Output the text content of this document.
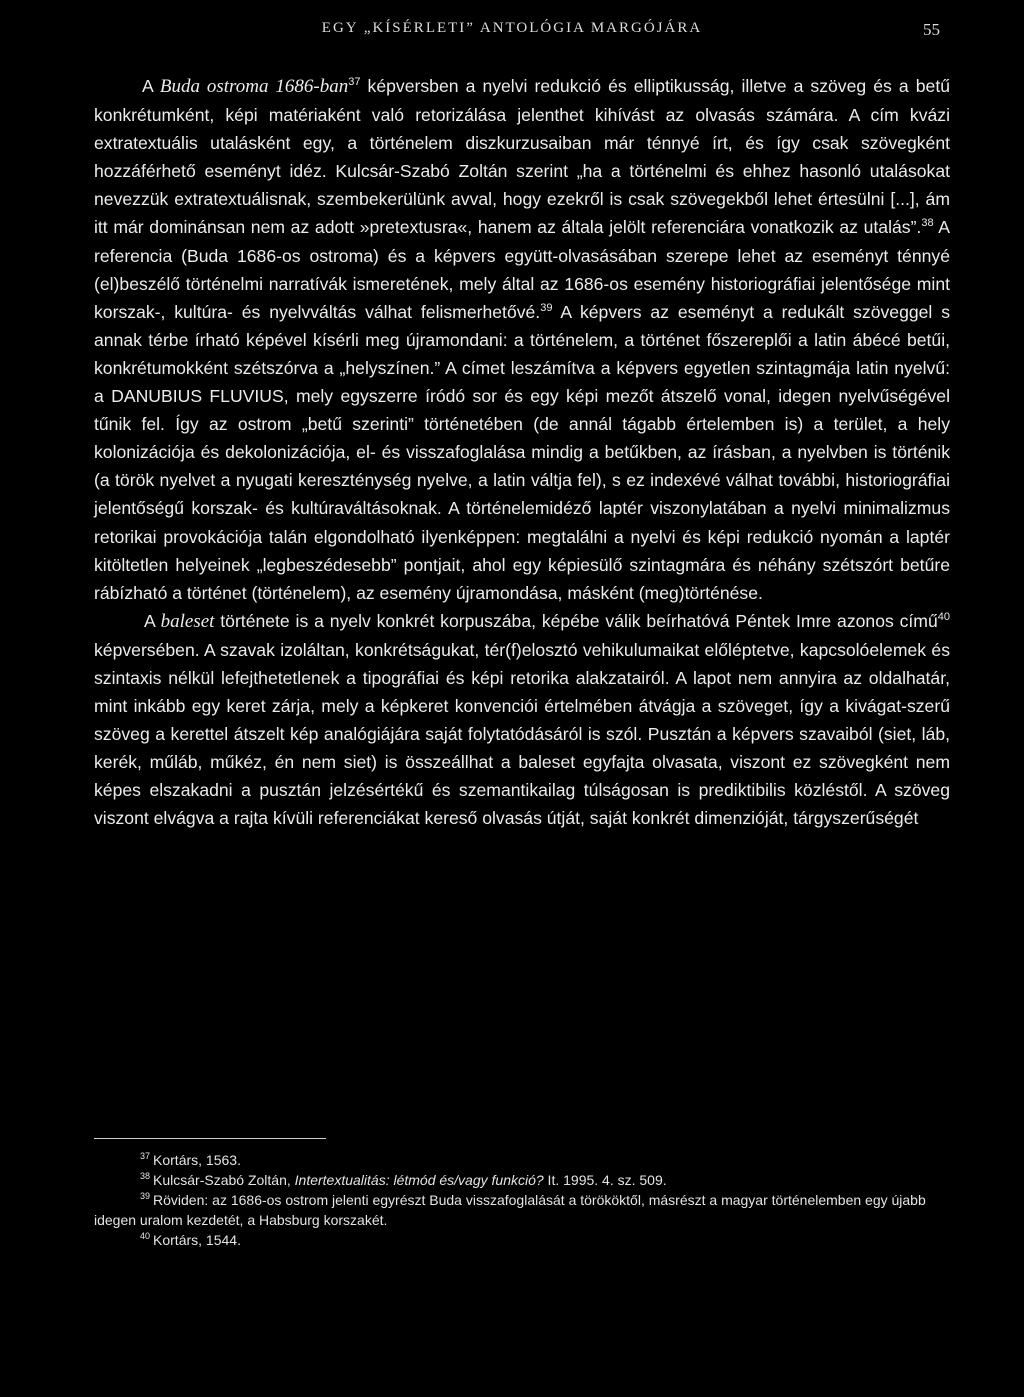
EGY „KÍSÉRLETI” ANTOLÓGIA MARGÓJÁRA	55

A Buda ostroma 1686-ban$^{37}$ képversben a nyelvi redukció és elliptikusság, illetve a szöveg és a betű konkrétumként, képi matériaként való retorizálása jelenthet kihívást az olvasás számára. A cím kvázi extratextuális utalásként egy, a történelem diszkurzusaiban már ténnyé írt, és így csak szövegként hozzáférhető eseményt idéz. Kulcsár-Szabó Zoltán szerint „ha a történelmi és ehhez hasonló utalásokat nevezzük extratextuálisnak, szembekerülünk avval, hogy ezekről is csak szövegekből lehet értesülni [...], ám itt már dominánsan nem az adott »pretextusra«, hanem az általa jelölt referenciára vonatkozik az utalás”.$^{38}$ A referencia (Buda 1686-os ostroma) és a képvers együtt-olvasásában szerepe lehet az eseményt ténnyé (el)beszélő történelmi narratívák ismeretének, mely által az 1686-os esemény historiográfiai jelentősége mint korszak-, kultúra- és nyelvváltás válhat felismerhetővé.$^{39}$ A képvers az eseményt a redukált szöveggel s annak térbe írható képével kísérli meg újramondani: a történelem, a történet főszereplői a latin ábécé betűi, konkrétumokként szétszórva a „helyszínen.” A címet leszámítva a képvers egyetlen szintagmája latin nyelvű: a DANUBIUS FLUVIUS, mely egyszerre íródó sor és egy képi mezőt átszelő vonal, idegen nyelvűségével tűnik fel. Így az ostrom „betű szerinti” történetében (de annál tágabb értelemben is) a terület, a hely kolonizációja és dekolonizációja, el- és visszafoglalása mindig a betűkben, az írásban, a nyelvben is történik (a török nyelvet a nyugati kereszténység nyelve, a latin váltja fel), s ez indexévé válhat további, historiográfiai jelentőségű korszak- és kultúraváltásoknak. A történelemidéző laptér viszonylatában a nyelvi minimalizmus retorikai provokációja talán elgondolható ilyenképpen: megtalálni a nyelvi és képi redukció nyomán a laptér kitöltetlen helyeinek „legbeszédesebb” pontjait, ahol egy képiesülő szintagmára és néhány szétszórt betűre rábízható a történet (történelem), az esemény újramondása, másként (meg)történése.

A baleset története is a nyelv konkrét korpuszába, képébe válik beírhatóvá Péntek Imre azonos című$^{40}$ képversében. A szavak izoláltan, konkrétságukat, tér(f)elosztó vehikulumaikat előléptetve, kapcsolóelemek és szintaxis nélkül lefejthetetlenek a tipográfiai és képi retorika alakzatairól. A lapot nem annyira az oldalhatár, mint inkább egy keret zárja, mely a képkeret konvenciói értelmében átvágja a szöveget, így a kivágat-szerű szöveg a kerettel átszelt kép analógiájára saját folytatódásáról is szól. Pusztán a képvers szavaiból (siet, láb, kerék, műláb, műkéz, én nem siet) is összeállhat a baleset egyfajta olvasata, viszont ez szövegként nem képes elszakadni a pusztán jelzésértékű és szemantikailag túlságosan is prediktibilis közléstől. A szöveg viszont elvágva a rajta kívüli referenciákat kereső olvasás útját, saját konkrét dimenzióját, tárgyszerűségét

$^{37}$ Kortárs, 1563.
$^{38}$ Kulcsár-Szabó Zoltán, Intertextualitás: létmód és/vagy funkció? It. 1995. 4. sz. 509.
$^{39}$ Röviden: az 1686-os ostrom jelenti egyrészt Buda visszafoglalását a törököktől, másrészt a magyar történelemben egy újabb idegen uralom kezdetét, a Habsburg korszakét.
$^{40}$ Kortárs, 1544.
